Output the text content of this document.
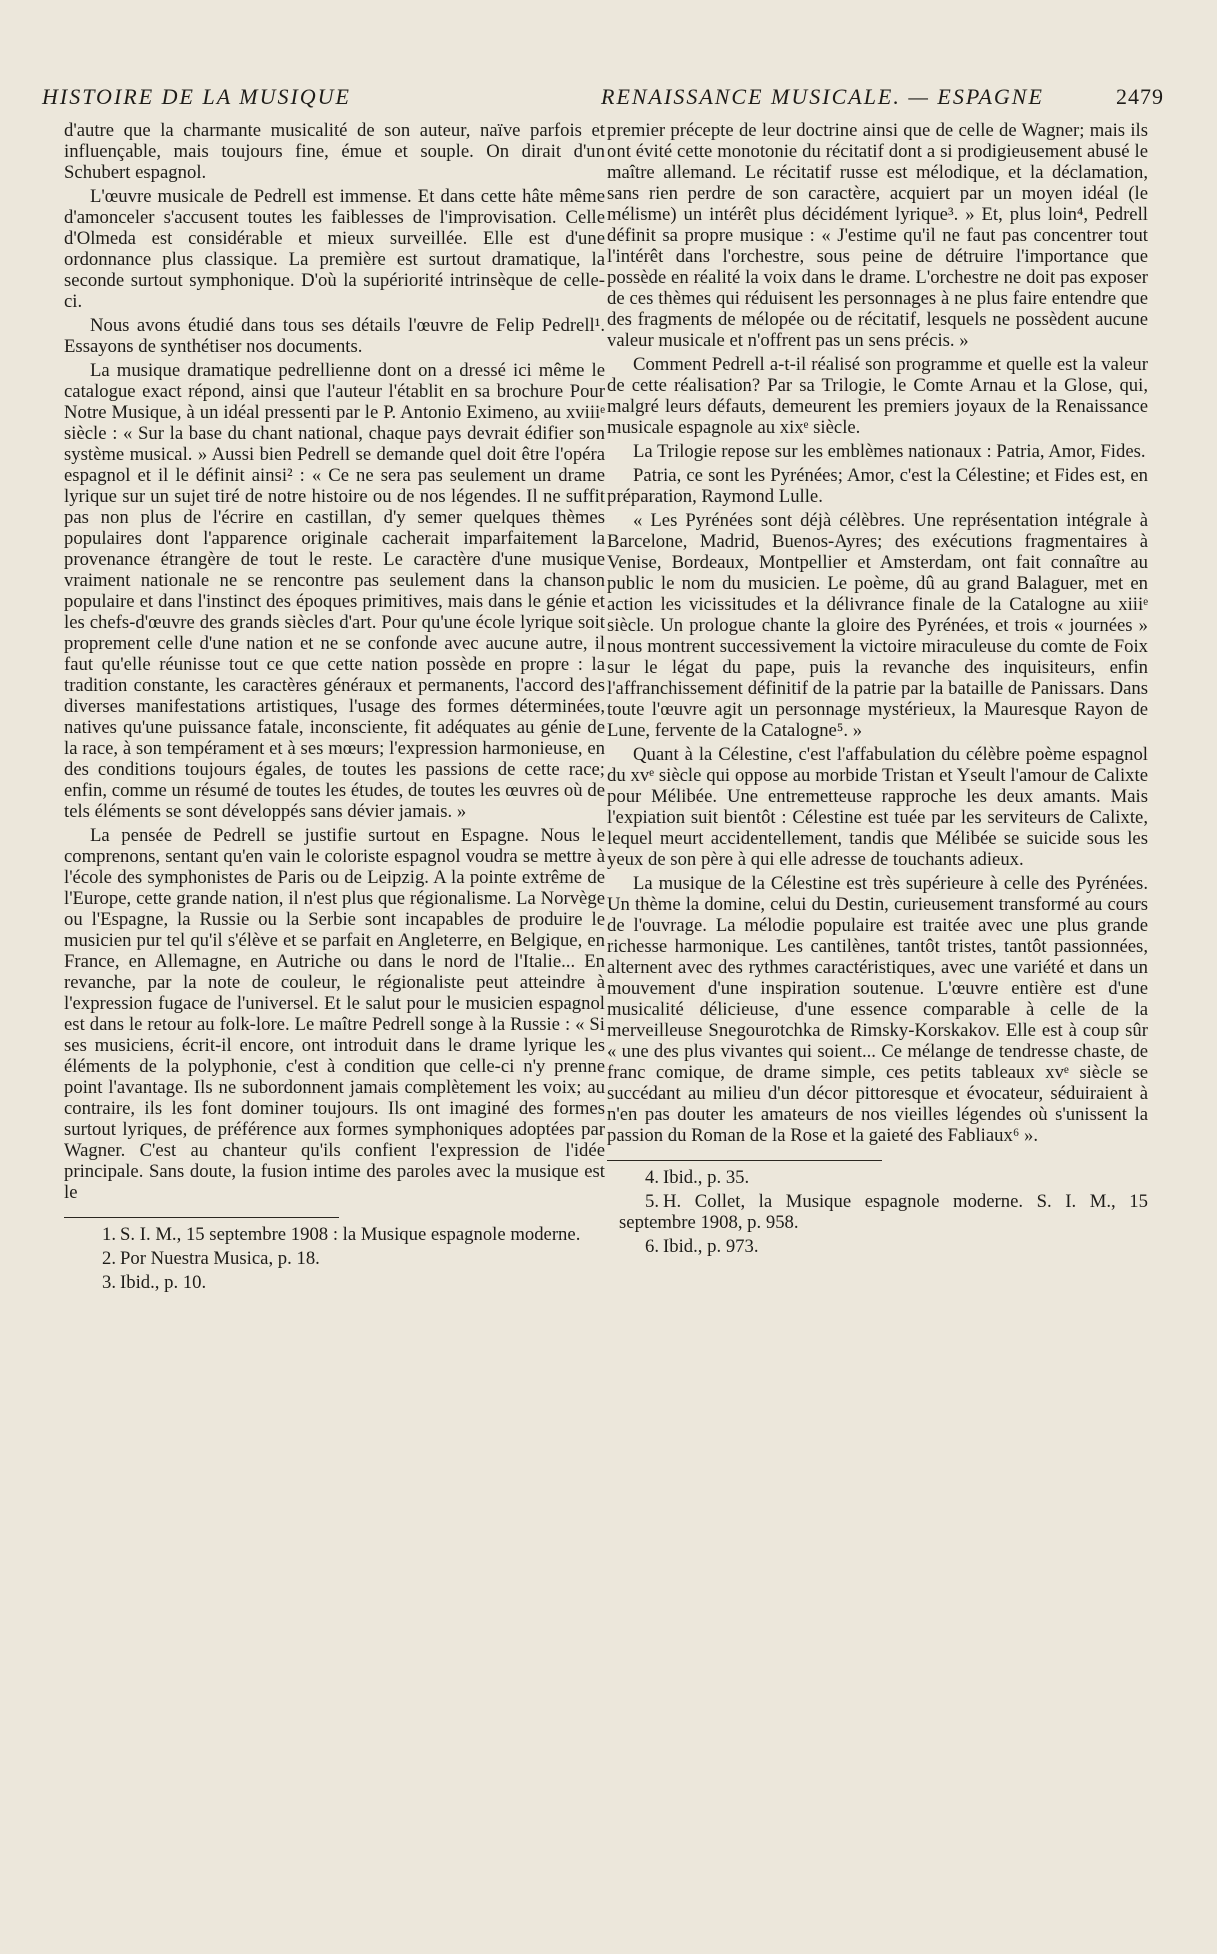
HISTOIRE DE LA MUSIQUE	RENAISSANCE MUSICALE. — ESPAGNE	2479

d'autre que la charmante musicalité de son auteur, naïve parfois et influençable, mais toujours fine, émue et souple. On dirait d'un Schubert espagnol.

L'œuvre musicale de Pedrell est immense. Et dans cette hâte même d'amonceler s'accusent toutes les faiblesses de l'improvisation. Celle d'Olmeda est considérable et mieux surveillée. Elle est d'une ordonnance plus classique. La première est surtout dramatique, la seconde surtout symphonique. D'où la supériorité intrinsèque de celle-ci.

Nous avons étudié dans tous ses détails l'œuvre de Felip Pedrell¹. Essayons de synthétiser nos documents.

La musique dramatique pedrellienne dont on a dressé ici même le catalogue exact répond, ainsi que l'auteur l'établit en sa brochure Pour Notre Musique, à un idéal pressenti par le P. Antonio Eximeno, au xviiiᵉ siècle : « Sur la base du chant national, chaque pays devrait édifier son système musical. » Aussi bien Pedrell se demande quel doit être l'opéra espagnol et il le définit ainsi² : « Ce ne sera pas seulement un drame lyrique sur un sujet tiré de notre histoire ou de nos légendes. Il ne suffit pas non plus de l'écrire en castillan, d'y semer quelques thèmes populaires dont l'apparence originale cacherait imparfaitement la provenance étrangère de tout le reste. Le caractère d'une musique vraiment nationale ne se rencontre pas seulement dans la chanson populaire et dans l'instinct des époques primitives, mais dans le génie et les chefs-d'œuvre des grands siècles d'art. Pour qu'une école lyrique soit proprement celle d'une nation et ne se confonde avec aucune autre, il faut qu'elle réunisse tout ce que cette nation possède en propre : la tradition constante, les caractères généraux et permanents, l'accord des diverses manifestations artistiques, l'usage des formes déterminées, natives qu'une puissance fatale, inconsciente, fit adéquates au génie de la race, à son tempérament et à ses mœurs; l'expression harmonieuse, en des conditions toujours égales, de toutes les passions de cette race; enfin, comme un résumé de toutes les études, de toutes les œuvres où de tels éléments se sont développés sans dévier jamais. »

La pensée de Pedrell se justifie surtout en Espagne. Nous le comprenons, sentant qu'en vain le coloriste espagnol voudra se mettre à l'école des symphonistes de Paris ou de Leipzig. A la pointe extrême de l'Europe, cette grande nation, il n'est plus que régionalisme. La Norvège ou l'Espagne, la Russie ou la Serbie sont incapables de produire le musicien pur tel qu'il s'élève et se parfait en Angleterre, en Belgique, en France, en Allemagne, en Autriche ou dans le nord de l'Italie... En revanche, par la note de couleur, le régionaliste peut atteindre à l'expression fugace de l'universel. Et le salut pour le musicien espagnol est dans le retour au folk-lore. Le maître Pedrell songe à la Russie : « Si ses musiciens, écrit-il encore, ont introduit dans le drame lyrique les éléments de la polyphonie, c'est à condition que celle-ci n'y prenne point l'avantage. Ils ne subordonnent jamais complètement les voix; au contraire, ils les font dominer toujours. Ils ont imaginé des formes surtout lyriques, de préférence aux formes symphoniques adoptées par Wagner. C'est au chanteur qu'ils confient l'expression de l'idée principale. Sans doute, la fusion intime des paroles avec la musique est le

1. S. I. M., 15 septembre 1908 : la Musique espagnole moderne.

2. Por Nuestra Musica, p. 18.

3. Ibid., p. 10.

premier précepte de leur doctrine ainsi que de celle de Wagner; mais ils ont évité cette monotonie du récitatif dont a si prodigieusement abusé le maître allemand. Le récitatif russe est mélodique, et la déclamation, sans rien perdre de son caractère, acquiert par un moyen idéal (le mélisme) un intérêt plus décidément lyrique³. » Et, plus loin⁴, Pedrell définit sa propre musique : « J'estime qu'il ne faut pas concentrer tout l'intérêt dans l'orchestre, sous peine de détruire l'importance que possède en réalité la voix dans le drame. L'orchestre ne doit pas exposer de ces thèmes qui réduisent les personnages à ne plus faire entendre que des fragments de mélopée ou de récitatif, lesquels ne possèdent aucune valeur musicale et n'offrent pas un sens précis. »

Comment Pedrell a-t-il réalisé son programme et quelle est la valeur de cette réalisation? Par sa Trilogie, le Comte Arnau et la Glose, qui, malgré leurs défauts, demeurent les premiers joyaux de la Renaissance musicale espagnole au xixᵉ siècle.

La Trilogie repose sur les emblèmes nationaux : Patria, Amor, Fides.

Patria, ce sont les Pyrénées; Amor, c'est la Célestine; et Fides est, en préparation, Raymond Lulle.

« Les Pyrénées sont déjà célèbres. Une représentation intégrale à Barcelone, Madrid, Buenos-Ayres; des exécutions fragmentaires à Venise, Bordeaux, Montpellier et Amsterdam, ont fait connaître au public le nom du musicien. Le poème, dû au grand Balaguer, met en action les vicissitudes et la délivrance finale de la Catalogne au xiiiᵉ siècle. Un prologue chante la gloire des Pyrénées, et trois « journées » nous montrent successivement la victoire miraculeuse du comte de Foix sur le légat du pape, puis la revanche des inquisiteurs, enfin l'affranchissement définitif de la patrie par la bataille de Panissars. Dans toute l'œuvre agit un personnage mystérieux, la Mauresque Rayon de Lune, fervente de la Catalogne⁵. »

Quant à la Célestine, c'est l'affabulation du célèbre poème espagnol du xvᵉ siècle qui oppose au morbide Tristan et Yseult l'amour de Calixte pour Mélibée. Une entremetteuse rapproche les deux amants. Mais l'expiation suit bientôt : Célestine est tuée par les serviteurs de Calixte, lequel meurt accidentellement, tandis que Mélibée se suicide sous les yeux de son père à qui elle adresse de touchants adieux.

La musique de la Célestine est très supérieure à celle des Pyrénées. Un thème la domine, celui du Destin, curieusement transformé au cours de l'ouvrage. La mélodie populaire est traitée avec une plus grande richesse harmonique. Les cantilènes, tantôt tristes, tantôt passionnées, alternent avec des rythmes caractéristiques, avec une variété et dans un mouvement d'une inspiration soutenue. L'œuvre entière est d'une musicalité délicieuse, d'une essence comparable à celle de la merveilleuse Snegourotchka de Rimsky-Korskakov. Elle est à coup sûr « une des plus vivantes qui soient... Ce mélange de tendresse chaste, de franc comique, de drame simple, ces petits tableaux xvᵉ siècle se succédant au milieu d'un décor pittoresque et évocateur, séduiraient à n'en pas douter les amateurs de nos vieilles légendes où s'unissent la passion du Roman de la Rose et la gaieté des Fabliaux⁶ ».

4. Ibid., p. 35.

5. H. Collet, la Musique espagnole moderne. S. I. M., 15 septembre 1908, p. 958.

6. Ibid., p. 973.
